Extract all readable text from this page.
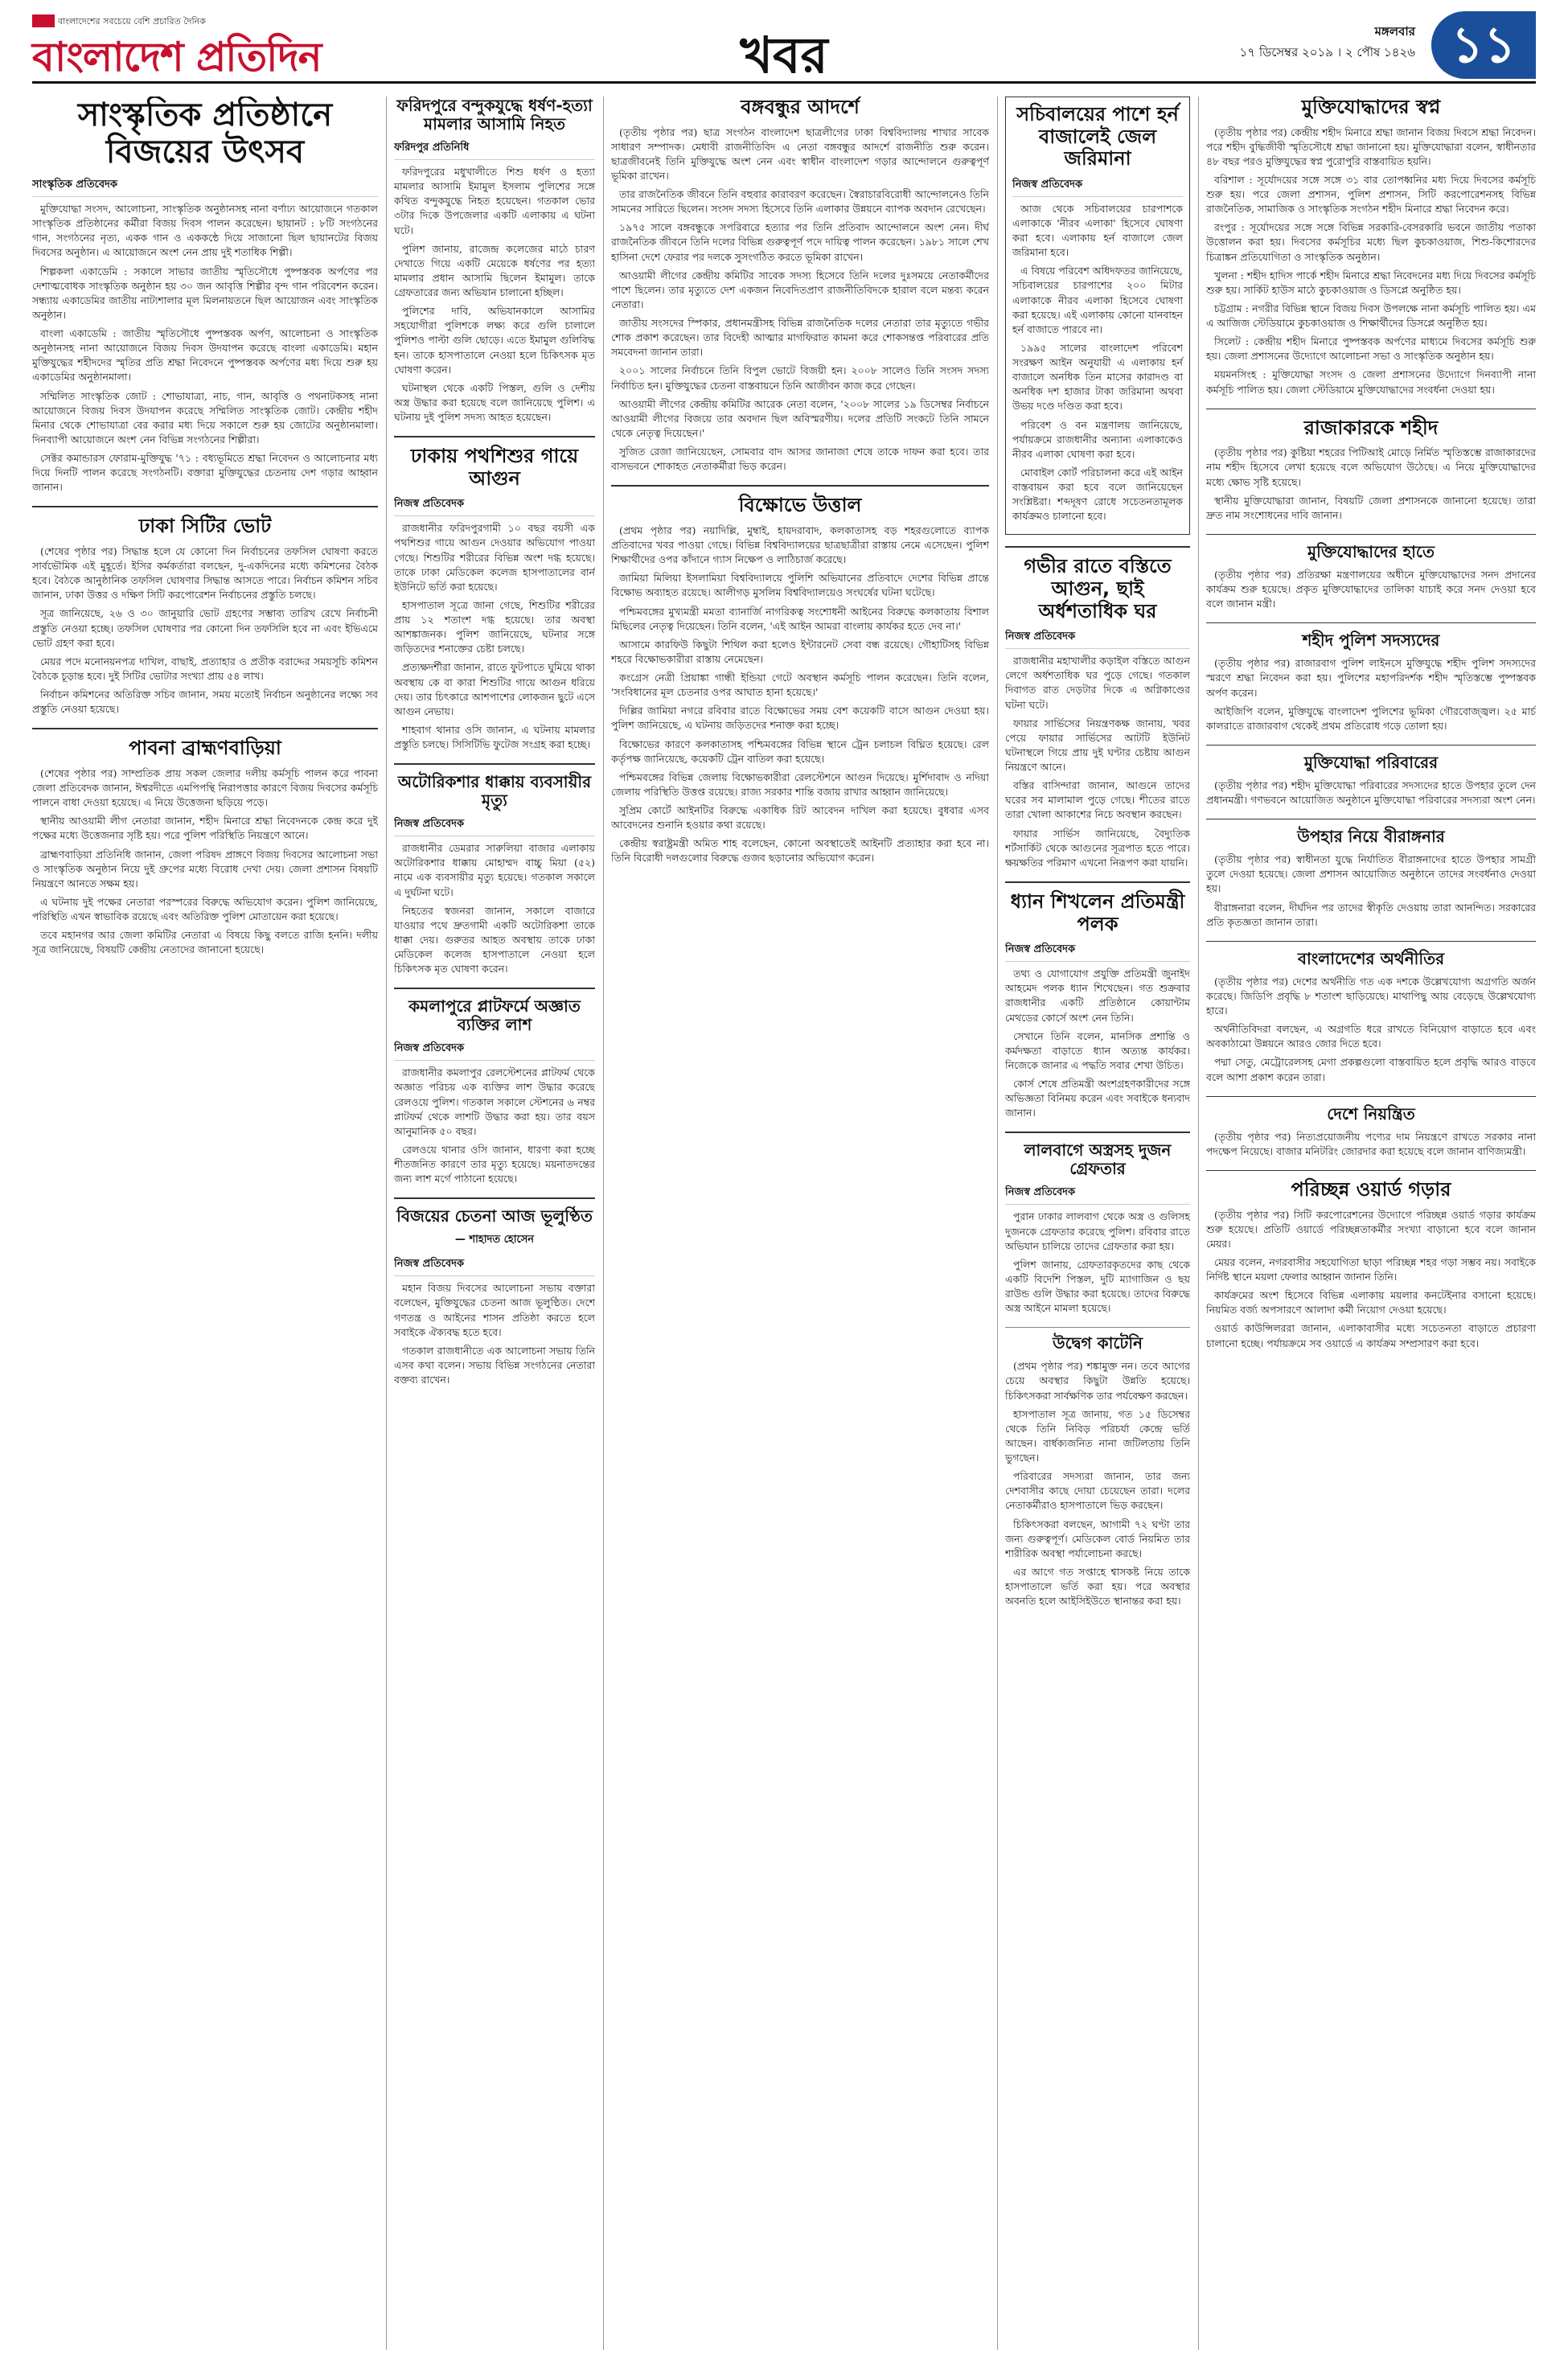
বাংলাদেশের সবচেয়ে বেশি প্রচারিত দৈনিক
বাংলাদেশ প্রতিদিন	খবর	মঙ্গলবার
১৭ ডিসেম্বর ২০১৯ । ২ পৌষ ১৪২৬ ১১
সাংস্কৃতিক প্রতিষ্ঠানে বিজয়ের উৎসব
সাংস্কৃতিক প্রতিবেদক

মুক্তিযোদ্ধা সংসদ, আলোচনা, সাংস্কৃতিক অনুষ্ঠানসহ নানা বর্ণাঢ্য আয়োজনে গতকাল সাংস্কৃতিক প্রতিষ্ঠানের কর্মীরা বিজয় দিবস পালন করেছেন। ছায়ানট : ৮টি সংগঠনের গান, সংগঠনের নৃত্য, একক গান ও এককন্ঠে দিয়ে সাজানো ছিল ছায়ানটের বিজয় দিবসের অনুষ্ঠান। এ আয়োজনে অংশ নেন প্রায় দুই শতাধিক শিল্পী।

শিল্পকলা একাডেমি : সকালে সাভার জাতীয় স্মৃতিসৌধে পুষ্পস্তবক অর্পণের পর দেশাত্মবোধক সাংস্কৃতিক অনুষ্ঠান হয় ৩০ জন আবৃত্তি শিল্পীর বৃন্দ গান পরিবেশন করেন। সন্ধ্যায় একাডেমির জাতীয় নাট্যশালার মূল মিলনায়তনে ছিল আয়োজন এবং সাংস্কৃতিক অনুষ্ঠান।

বাংলা একাডেমি : জাতীয় স্মৃতিসৌধে পুষ্পস্তবক অর্পণ, আলোচনা ও সাংস্কৃতিক অনুষ্ঠানসহ নানা আয়োজনে বিজয় দিবস উদযাপন করেছে বাংলা একাডেমি। মহান মুক্তিযুদ্ধের শহীদদের স্মৃতির প্রতি শ্রদ্ধা নিবেদনে পুষ্পস্তবক অর্পণের মধ্য দিয়ে শুরু হয় একাডেমির অনুষ্ঠানমালা।

সম্মিলিত সাংস্কৃতিক জোট : শোভাযাত্রা, নাচ, গান, আবৃত্তি ও পথনাটকসহ নানা আয়োজনে বিজয় দিবস উদযাপন করেছে সম্মিলিত সাংস্কৃতিক জোট। কেন্দ্রীয় শহীদ মিনার থেকে শোভাযাত্রা বের করার মধ্য দিয়ে সকালে শুরু হয় জোটের অনুষ্ঠানমালা। দিনব্যাপী আয়োজনে অংশ নেন বিভিন্ন সংগঠনের শিল্পীরা।

সেক্টর কমান্ডারস ফোরাম-মুক্তিযুদ্ধ '৭১ : বধ্যভূমিতে শ্রদ্ধা নিবেদন ও আলোচনার মধ্য দিয়ে দিনটি পালন করেছে সংগঠনটি। বক্তারা মুক্তিযুদ্ধের চেতনায় দেশ গড়ার আহ্বান জানান।

ঢাকা সিটির ভোট

(শেষের পৃষ্ঠার পর) সিদ্ধান্ত হলে যে কোনো দিন নির্বাচনের তফসিল ঘোষণা করতে সার্বভৌমিক এই মুহূর্তে। ইসির কর্মকর্তারা বলছেন, দু-একদিনের মধ্যে কমিশনের বৈঠক হবে। বৈঠকে আনুষ্ঠানিক তফসিল ঘোষণার সিদ্ধান্ত আসতে পারে। নির্বাচন কমিশন সচিব জানান, ঢাকা উত্তর ও দক্ষিণ সিটি করপোরেশন নির্বাচনের প্রস্তুতি চলছে।

সূত্র জানিয়েছে, ২৬ ও ৩০ জানুয়ারি ভোট গ্রহণের সম্ভাব্য তারিখ রেখে নির্বাচনী প্রস্তুতি নেওয়া হচ্ছে। তফসিল ঘোষণার পর কোনো দিন তফসিলি হবে না এবং ইভিএমে ভোট গ্রহণ করা হবে।

মেয়র পদে মনোনয়নপত্র দাখিল, বাছাই, প্রত্যাহার ও প্রতীক বরাদ্দের সময়সূচি কমিশন বৈঠকে চূড়ান্ত হবে। দুই সিটির ভোটার সংখ্যা প্রায় ৫৪ লাখ।

নির্বাচন কমিশনের অতিরিক্ত সচিব জানান, সময় মতোই নির্বাচন অনুষ্ঠানের লক্ষ্যে সব প্রস্তুতি নেওয়া হয়েছে।

পাবনা ব্রাহ্মণবাড়িয়া

(শেষের পৃষ্ঠার পর) সাম্প্রতিক প্রায় সকল জেলার দলীয় কর্মসূচি পালন করে পাবনা জেলা প্রতিবেদক জানান, ঈশ্বরদীতে এমপিপন্থি নিরাপত্তার কারণে বিজয় দিবসের কর্মসূচি পালনে বাধা দেওয়া হয়েছে। এ নিয়ে উত্তেজনা ছড়িয়ে পড়ে।

স্থানীয় আওয়ামী লীগ নেতারা জানান, শহীদ মিনারে শ্রদ্ধা নিবেদনকে কেন্দ্র করে দুই পক্ষের মধ্যে উত্তেজনার সৃষ্টি হয়। পরে পুলিশ পরিস্থিতি নিয়ন্ত্রণে আনে।

ব্রাহ্মণবাড়িয়া প্রতিনিধি জানান, জেলা পরিষদ প্রাঙ্গণে বিজয় দিবসের আলোচনা সভা ও সাংস্কৃতিক অনুষ্ঠান নিয়ে দুই গ্রুপের মধ্যে বিরোধ দেখা দেয়। জেলা প্রশাসন বিষয়টি নিয়ন্ত্রণে আনতে সক্ষম হয়।

এ ঘটনায় দুই পক্ষের নেতারা পরস্পরের বিরুদ্ধে অভিযোগ করেন। পুলিশ জানিয়েছে, পরিস্থিতি এখন স্বাভাবিক রয়েছে এবং অতিরিক্ত পুলিশ মোতায়েন করা হয়েছে।

তবে মহানগর আর জেলা কমিটির নেতারা এ বিষয়ে কিছু বলতে রাজি হননি। দলীয় সূত্র জানিয়েছে, বিষয়টি কেন্দ্রীয় নেতাদের জানানো হয়েছে।

ফরিদপুরে বন্দুকযুদ্ধে ধর্ষণ-হত্যা মামলার আসামি নিহত
ফরিদপুর প্রতিনিধি

ফরিদপুরের মধুখালীতে শিশু ধর্ষণ ও হত্যা মামলার আসামি ইমামুল ইসলাম পুলিশের সঙ্গে কথিত বন্দুকযুদ্ধে নিহত হয়েছেন। গতকাল ভোর ৩টার দিকে উপজেলার একটি এলাকায় এ ঘটনা ঘটে।

পুলিশ জানায়, রাজেন্দ্র কলেজের মাঠে চারণ দেখাতে গিয়ে একটি মেয়েকে ধর্ষণের পর হত্যা মামলার প্রধান আসামি ছিলেন ইমামুল। তাকে গ্রেফতারের জন্য অভিযান চালানো হচ্ছিল।

পুলিশের দাবি, অভিযানকালে আসামির সহযোগীরা পুলিশকে লক্ষ্য করে গুলি চালালে পুলিশও পাল্টা গুলি ছোড়ে। এতে ইমামুল গুলিবিদ্ধ হন। তাকে হাসপাতালে নেওয়া হলে চিকিৎসক মৃত ঘোষণা করেন।

ঘটনাস্থল থেকে একটি পিস্তল, গুলি ও দেশীয় অস্ত্র উদ্ধার করা হয়েছে বলে জানিয়েছে পুলিশ। এ ঘটনায় দুই পুলিশ সদস্য আহত হয়েছেন।

ঢাকায় পথশিশুর গায়ে আগুন
নিজস্ব প্রতিবেদক

রাজধানীর ফরিদপুরগামী ১০ বছর বয়সী এক পথশিশুর গায়ে আগুন দেওয়ার অভিযোগ পাওয়া গেছে। শিশুটির শরীরের বিভিন্ন অংশ দগ্ধ হয়েছে। তাকে ঢাকা মেডিকেল কলেজ হাসপাতালের বার্ন ইউনিটে ভর্তি করা হয়েছে।

হাসপাতাল সূত্রে জানা গেছে, শিশুটির শরীরের প্রায় ১২ শতাংশ দগ্ধ হয়েছে। তার অবস্থা আশঙ্কাজনক। পুলিশ জানিয়েছে, ঘটনার সঙ্গে জড়িতদের শনাক্তের চেষ্টা চলছে।

প্রত্যক্ষদর্শীরা জানান, রাতে ফুটপাতে ঘুমিয়ে থাকা অবস্থায় কে বা কারা শিশুটির গায়ে আগুন ধরিয়ে দেয়। তার চিৎকারে আশপাশের লোকজন ছুটে এসে আগুন নেভায়।

শাহবাগ থানার ওসি জানান, এ ঘটনায় মামলার প্রস্তুতি চলছে। সিসিটিভি ফুটেজ সংগ্রহ করা হচ্ছে।

অটোরিকশার ধাক্কায় ব্যবসায়ীর মৃত্যু
নিজস্ব প্রতিবেদক

রাজধানীর ডেমরার সারুলিয়া বাজার এলাকায় অটোরিকশার ধাক্কায় মোহাম্মদ বাচ্চু মিয়া (৫২) নামে এক ব্যবসায়ীর মৃত্যু হয়েছে। গতকাল সকালে এ দুর্ঘটনা ঘটে।

নিহতের স্বজনরা জানান, সকালে বাজারে যাওয়ার পথে দ্রুতগামী একটি অটোরিকশা তাকে ধাক্কা দেয়। গুরুতর আহত অবস্থায় তাকে ঢাকা মেডিকেল কলেজ হাসপাতালে নেওয়া হলে চিকিৎসক মৃত ঘোষণা করেন।

কমলাপুরে প্লাটফর্মে অজ্ঞাত ব্যক্তির লাশ
নিজস্ব প্রতিবেদক

রাজধানীর কমলাপুর রেলস্টেশনের প্লাটফর্ম থেকে অজ্ঞাত পরিচয় এক ব্যক্তির লাশ উদ্ধার করেছে রেলওয়ে পুলিশ। গতকাল সকালে স্টেশনের ৬ নম্বর প্লাটফর্ম থেকে লাশটি উদ্ধার করা হয়। তার বয়স আনুমানিক ৫০ বছর।

রেলওয়ে থানার ওসি জানান, ধারণা করা হচ্ছে শীতজনিত কারণে তার মৃত্যু হয়েছে। ময়নাতদন্তের জন্য লাশ মর্গে পাঠানো হয়েছে।

বিজয়ের চেতনা আজ ভূলুণ্ঠিত
— শাহাদত হোসেন
নিজস্ব প্রতিবেদক

মহান বিজয় দিবসের আলোচনা সভায় বক্তারা বলেছেন, মুক্তিযুদ্ধের চেতনা আজ ভূলুণ্ঠিত। দেশে গণতন্ত্র ও আইনের শাসন প্রতিষ্ঠা করতে হলে সবাইকে ঐক্যবদ্ধ হতে হবে।

গতকাল রাজধানীতে এক আলোচনা সভায় তিনি এসব কথা বলেন। সভায় বিভিন্ন সংগঠনের নেতারা বক্তব্য রাখেন।

বঙ্গবন্ধুর আদর্শে

(তৃতীয় পৃষ্ঠার পর) ছাত্র সংগঠন বাংলাদেশ ছাত্রলীগের ঢাকা বিশ্ববিদ্যালয় শাখার সাবেক সাধারণ সম্পাদক। মেধাবী রাজনীতিবিদ এ নেতা বঙ্গবন্ধুর আদর্শে রাজনীতি শুরু করেন। ছাত্রজীবনেই তিনি মুক্তিযুদ্ধে অংশ নেন এবং স্বাধীন বাংলাদেশ গড়ার আন্দোলনে গুরুত্বপূর্ণ ভূমিকা রাখেন।

তার রাজনৈতিক জীবনে তিনি বহুবার কারাবরণ করেছেন। স্বৈরাচারবিরোধী আন্দোলনেও তিনি সামনের সারিতে ছিলেন। সংসদ সদস্য হিসেবে তিনি এলাকার উন্নয়নে ব্যাপক অবদান রেখেছেন।

১৯৭৫ সালে বঙ্গবন্ধুকে সপরিবারে হত্যার পর তিনি প্রতিবাদ আন্দোলনে অংশ নেন। দীর্ঘ রাজনৈতিক জীবনে তিনি দলের বিভিন্ন গুরুত্বপূর্ণ পদে দায়িত্ব পালন করেছেন। ১৯৮১ সালে শেখ হাসিনা দেশে ফেরার পর দলকে সুসংগঠিত করতে ভূমিকা রাখেন।

আওয়ামী লীগের কেন্দ্রীয় কমিটির সাবেক সদস্য হিসেবে তিনি দলের দুঃসময়ে নেতাকর্মীদের পাশে ছিলেন। তার মৃত্যুতে দেশ একজন নিবেদিতপ্রাণ রাজনীতিবিদকে হারাল বলে মন্তব্য করেন নেতারা।

জাতীয় সংসদের স্পিকার, প্রধানমন্ত্রীসহ বিভিন্ন রাজনৈতিক দলের নেতারা তার মৃত্যুতে গভীর শোক প্রকাশ করেছেন। তার বিদেহী আত্মার মাগফিরাত কামনা করে শোকসন্তপ্ত পরিবারের প্রতি সমবেদনা জানান তারা।

২০০১ সালের নির্বাচনে তিনি বিপুল ভোটে বিজয়ী হন। ২০০৮ সালেও তিনি সংসদ সদস্য নির্বাচিত হন। মুক্তিযুদ্ধের চেতনা বাস্তবায়নে তিনি আজীবন কাজ করে গেছেন।

আওয়ামী লীগের কেন্দ্রীয় কমিটির আরেক নেতা বলেন, '২০০৮ সালের ১৯ ডিসেম্বর নির্বাচনে আওয়ামী লীগের বিজয়ে তার অবদান ছিল অবিস্মরণীয়। দলের প্রতিটি সংকটে তিনি সামনে থেকে নেতৃত্ব দিয়েছেন।'

সুজিত রেজা জানিয়েছেন, সোমবার বাদ আসর জানাজা শেষে তাকে দাফন করা হবে। তার বাসভবনে শোকাহত নেতাকর্মীরা ভিড় করেন।

বিক্ষোভে উত্তাল

(প্রথম পৃষ্ঠার পর) নয়াদিল্লি, মুম্বাই, হায়দরাবাদ, কলকাতাসহ বড় শহরগুলোতে ব্যাপক প্রতিবাদের খবর পাওয়া গেছে। বিভিন্ন বিশ্ববিদ্যালয়ের ছাত্রছাত্রীরা রাস্তায় নেমে এসেছেন। পুলিশ শিক্ষার্থীদের ওপর কাঁদানে গ্যাস নিক্ষেপ ও লাঠিচার্জ করেছে।

জামিয়া মিলিয়া ইসলামিয়া বিশ্ববিদ্যালয়ে পুলিশি অভিযানের প্রতিবাদে দেশের বিভিন্ন প্রান্তে বিক্ষোভ অব্যাহত রয়েছে। আলীগড় মুসলিম বিশ্ববিদ্যালয়েও সংঘর্ষের ঘটনা ঘটেছে।

পশ্চিমবঙ্গের মুখ্যমন্ত্রী মমতা ব্যানার্জি নাগরিকত্ব সংশোধনী আইনের বিরুদ্ধে কলকাতায় বিশাল মিছিলের নেতৃত্ব দিয়েছেন। তিনি বলেন, 'এই আইন আমরা বাংলায় কার্যকর হতে দেব না।'

আসামে কারফিউ কিছুটা শিথিল করা হলেও ইন্টারনেট সেবা বন্ধ রয়েছে। গৌহাটিসহ বিভিন্ন শহরে বিক্ষোভকারীরা রাস্তায় নেমেছেন।

কংগ্রেস নেত্রী প্রিয়াঙ্কা গান্ধী ইন্ডিয়া গেটে অবস্থান কর্মসূচি পালন করেছেন। তিনি বলেন, 'সংবিধানের মূল চেতনার ওপর আঘাত হানা হয়েছে।'

দিল্লির জামিয়া নগরে রবিবার রাতে বিক্ষোভের সময় বেশ কয়েকটি বাসে আগুন দেওয়া হয়। পুলিশ জানিয়েছে, এ ঘটনায় জড়িতদের শনাক্ত করা হচ্ছে।

বিক্ষোভের কারণে কলকাতাসহ পশ্চিমবঙ্গের বিভিন্ন স্থানে ট্রেন চলাচল বিঘ্নিত হয়েছে। রেল কর্তৃপক্ষ জানিয়েছে, কয়েকটি ট্রেন বাতিল করা হয়েছে।

পশ্চিমবঙ্গের বিভিন্ন জেলায় বিক্ষোভকারীরা রেলস্টেশনে আগুন দিয়েছে। মুর্শিদাবাদ ও নদিয়া জেলায় পরিস্থিতি উত্তপ্ত রয়েছে। রাজ্য সরকার শান্তি বজায় রাখার আহ্বান জানিয়েছে।

সুপ্রিম কোর্টে আইনটির বিরুদ্ধে একাধিক রিট আবেদন দাখিল করা হয়েছে। বুধবার এসব আবেদনের শুনানি হওয়ার কথা রয়েছে।

কেন্দ্রীয় স্বরাষ্ট্রমন্ত্রী অমিত শাহ বলেছেন, কোনো অবস্থাতেই আইনটি প্রত্যাহার করা হবে না। তিনি বিরোধী দলগুলোর বিরুদ্ধে গুজব ছড়ানোর অভিযোগ করেন।

সচিবালয়ের পাশে হর্ন বাজালেই জেল জরিমানা
নিজস্ব প্রতিবেদক

আজ থেকে সচিবালয়ের চারপাশকে এলাকাকে 'নীরব এলাকা' হিসেবে ঘোষণা করা হবে। এলাকায় হর্ন বাজালে জেল জরিমানা হবে।

এ বিষয়ে পরিবেশ অধিদফতর জানিয়েছে, সচিবালয়ের চারপাশের ২০০ মিটার এলাকাকে নীরব এলাকা হিসেবে ঘোষণা করা হয়েছে। এই এলাকায় কোনো যানবাহন হর্ন বাজাতে পারবে না।

১৯৯৫ সালের বাংলাদেশ পরিবেশ সংরক্ষণ আইন অনুযায়ী এ এলাকায় হর্ন বাজালে অনধিক তিন মাসের কারাদণ্ড বা অনধিক দশ হাজার টাকা জরিমানা অথবা উভয় দণ্ডে দণ্ডিত করা হবে।

পরিবেশ ও বন মন্ত্রণালয় জানিয়েছে, পর্যায়ক্রমে রাজধানীর অন্যান্য এলাকাকেও নীরব এলাকা ঘোষণা করা হবে।

মোবাইল কোর্ট পরিচালনা করে এই আইন বাস্তবায়ন করা হবে বলে জানিয়েছেন সংশ্লিষ্টরা। শব্দদূষণ রোধে সচেতনতামূলক কার্যক্রমও চালানো হবে।

গভীর রাতে বস্তিতে আগুন, ছাই অর্ধশতাধিক ঘর
নিজস্ব প্রতিবেদক

রাজধানীর মহাখালীর কড়াইল বস্তিতে আগুন লেগে অর্ধশতাধিক ঘর পুড়ে গেছে। গতকাল দিবাগত রাত দেড়টার দিকে এ অগ্নিকাণ্ডের ঘটনা ঘটে।

ফায়ার সার্ভিসের নিয়ন্ত্রণকক্ষ জানায়, খবর পেয়ে ফায়ার সার্ভিসের আটটি ইউনিট ঘটনাস্থলে গিয়ে প্রায় দুই ঘণ্টার চেষ্টায় আগুন নিয়ন্ত্রণে আনে।

বস্তির বাসিন্দারা জানান, আগুনে তাদের ঘরের সব মালামাল পুড়ে গেছে। শীতের রাতে তারা খোলা আকাশের নিচে অবস্থান করছেন।

ফায়ার সার্ভিস জানিয়েছে, বৈদ্যুতিক শর্টসার্কিট থেকে আগুনের সূত্রপাত হতে পারে। ক্ষয়ক্ষতির পরিমাণ এখনো নিরূপণ করা যায়নি।

ধ্যান শিখলেন প্রতিমন্ত্রী পলক
নিজস্ব প্রতিবেদক

তথ্য ও যোগাযোগ প্রযুক্তি প্রতিমন্ত্রী জুনাইদ আহমেদ পলক ধ্যান শিখেছেন। গত শুক্রবার রাজধানীর একটি প্রতিষ্ঠানে কোয়ান্টাম মেথডের কোর্সে অংশ নেন তিনি।

সেখানে তিনি বলেন, মানসিক প্রশান্তি ও কর্মদক্ষতা বাড়াতে ধ্যান অত্যন্ত কার্যকর। নিজেকে জানার এ পদ্ধতি সবার শেখা উচিত।

কোর্স শেষে প্রতিমন্ত্রী অংশগ্রহণকারীদের সঙ্গে অভিজ্ঞতা বিনিময় করেন এবং সবাইকে ধন্যবাদ জানান।

লালবাগে অস্ত্রসহ দুজন গ্রেফতার
নিজস্ব প্রতিবেদক

পুরান ঢাকার লালবাগ থেকে অস্ত্র ও গুলিসহ দুজনকে গ্রেফতার করেছে পুলিশ। রবিবার রাতে অভিযান চালিয়ে তাদের গ্রেফতার করা হয়।

পুলিশ জানায়, গ্রেফতারকৃতদের কাছ থেকে একটি বিদেশি পিস্তল, দুটি ম্যাগাজিন ও ছয় রাউন্ড গুলি উদ্ধার করা হয়েছে। তাদের বিরুদ্ধে অস্ত্র আইনে মামলা হয়েছে।

উদ্বেগ কাটেনি

(প্রথম পৃষ্ঠার পর) শঙ্কামুক্ত নন। তবে আগের চেয়ে অবস্থার কিছুটা উন্নতি হয়েছে। চিকিৎসকরা সার্বক্ষণিক তার পর্যবেক্ষণ করছেন।

হাসপাতাল সূত্র জানায়, গত ১৫ ডিসেম্বর থেকে তিনি নিবিড় পরিচর্যা কেন্দ্রে ভর্তি আছেন। বার্ধক্যজনিত নানা জটিলতায় তিনি ভুগছেন।

পরিবারের সদস্যরা জানান, তার জন্য দেশবাসীর কাছে দোয়া চেয়েছেন তারা। দলের নেতাকর্মীরাও হাসপাতালে ভিড় করছেন।

চিকিৎসকরা বলছেন, আগামী ৭২ ঘণ্টা তার জন্য গুরুত্বপূর্ণ। মেডিকেল বোর্ড নিয়মিত তার শারীরিক অবস্থা পর্যালোচনা করছে।

এর আগে গত সপ্তাহে শ্বাসকষ্ট নিয়ে তাকে হাসপাতালে ভর্তি করা হয়। পরে অবস্থার অবনতি হলে আইসিইউতে স্থানান্তর করা হয়।

মুক্তিযোদ্ধাদের স্বপ্ন

(তৃতীয় পৃষ্ঠার পর) কেন্দ্রীয় শহীদ মিনারে শ্রদ্ধা জানান বিজয় দিবসে শ্রদ্ধা নিবেদন। পরে শহীদ বুদ্ধিজীবী স্মৃতিসৌধে শ্রদ্ধা জানানো হয়। মুক্তিযোদ্ধারা বলেন, স্বাধীনতার ৪৮ বছর পরও মুক্তিযুদ্ধের স্বপ্ন পুরোপুরি বাস্তবায়িত হয়নি।

বরিশাল : সূর্যোদয়ের সঙ্গে সঙ্গে ৩১ বার তোপধ্বনির মধ্য দিয়ে দিবসের কর্মসূচি শুরু হয়। পরে জেলা প্রশাসন, পুলিশ প্রশাসন, সিটি করপোরেশনসহ বিভিন্ন রাজনৈতিক, সামাজিক ও সাংস্কৃতিক সংগঠন শহীদ মিনারে শ্রদ্ধা নিবেদন করে।

রংপুর : সূর্যোদয়ের সঙ্গে সঙ্গে বিভিন্ন সরকারি-বেসরকারি ভবনে জাতীয় পতাকা উত্তোলন করা হয়। দিবসের কর্মসূচির মধ্যে ছিল কুচকাওয়াজ, শিশু-কিশোরদের চিত্রাঙ্কন প্রতিযোগিতা ও সাংস্কৃতিক অনুষ্ঠান।

খুলনা : শহীদ হাদিস পার্কে শহীদ মিনারে শ্রদ্ধা নিবেদনের মধ্য দিয়ে দিবসের কর্মসূচি শুরু হয়। সার্কিট হাউস মাঠে কুচকাওয়াজ ও ডিসপ্লে অনুষ্ঠিত হয়।

চট্টগ্রাম : নগরীর বিভিন্ন স্থানে বিজয় দিবস উপলক্ষে নানা কর্মসূচি পালিত হয়। এম এ আজিজ স্টেডিয়ামে কুচকাওয়াজ ও শিক্ষার্থীদের ডিসপ্লে অনুষ্ঠিত হয়।

সিলেট : কেন্দ্রীয় শহীদ মিনারে পুষ্পস্তবক অর্পণের মাধ্যমে দিবসের কর্মসূচি শুরু হয়। জেলা প্রশাসনের উদ্যোগে আলোচনা সভা ও সাংস্কৃতিক অনুষ্ঠান হয়।

ময়মনসিংহ : মুক্তিযোদ্ধা সংসদ ও জেলা প্রশাসনের উদ্যোগে দিনব্যাপী নানা কর্মসূচি পালিত হয়। জেলা স্টেডিয়ামে মুক্তিযোদ্ধাদের সংবর্ধনা দেওয়া হয়।

রাজাকারকে শহীদ

(তৃতীয় পৃষ্ঠার পর) কুষ্টিয়া শহরের পিটিআই মোড়ে নির্মিত স্মৃতিস্তম্ভে রাজাকারদের নাম শহীদ হিসেবে লেখা হয়েছে বলে অভিযোগ উঠেছে। এ নিয়ে মুক্তিযোদ্ধাদের মধ্যে ক্ষোভ সৃষ্টি হয়েছে।

স্থানীয় মুক্তিযোদ্ধারা জানান, বিষয়টি জেলা প্রশাসনকে জানানো হয়েছে। তারা দ্রুত নাম সংশোধনের দাবি জানান।

মুক্তিযোদ্ধাদের হাতে

(তৃতীয় পৃষ্ঠার পর) প্রতিরক্ষা মন্ত্রণালয়ের অধীনে মুক্তিযোদ্ধাদের সনদ প্রদানের কার্যক্রম শুরু হয়েছে। প্রকৃত মুক্তিযোদ্ধাদের তালিকা যাচাই করে সনদ দেওয়া হবে বলে জানান মন্ত্রী।

শহীদ পুলিশ সদস্যদের

(তৃতীয় পৃষ্ঠার পর) রাজারবাগ পুলিশ লাইনসে মুক্তিযুদ্ধে শহীদ পুলিশ সদস্যদের স্মরণে শ্রদ্ধা নিবেদন করা হয়। পুলিশের মহাপরিদর্শক শহীদ স্মৃতিস্তম্ভে পুষ্পস্তবক অর্পণ করেন।

আইজিপি বলেন, মুক্তিযুদ্ধে বাংলাদেশ পুলিশের ভূমিকা গৌরবোজ্জ্বল। ২৫ মার্চ কালরাতে রাজারবাগ থেকেই প্রথম প্রতিরোধ গড়ে তোলা হয়।

মুক্তিযোদ্ধা পরিবারের

(তৃতীয় পৃষ্ঠার পর) শহীদ মুক্তিযোদ্ধা পরিবারের সদস্যদের হাতে উপহার তুলে দেন প্রধানমন্ত্রী। গণভবনে আয়োজিত অনুষ্ঠানে মুক্তিযোদ্ধা পরিবারের সদস্যরা অংশ নেন।

উপহার নিয়ে বীরাঙ্গনার

(তৃতীয় পৃষ্ঠার পর) স্বাধীনতা যুদ্ধে নির্যাতিত বীরাঙ্গনাদের হাতে উপহার সামগ্রী তুলে দেওয়া হয়েছে। জেলা প্রশাসন আয়োজিত অনুষ্ঠানে তাদের সংবর্ধনাও দেওয়া হয়।

বীরাঙ্গনারা বলেন, দীর্ঘদিন পর তাদের স্বীকৃতি দেওয়ায় তারা আনন্দিত। সরকারের প্রতি কৃতজ্ঞতা জানান তারা।

বাংলাদেশের অর্থনীতির

(তৃতীয় পৃষ্ঠার পর) দেশের অর্থনীতি গত এক দশকে উল্লেখযোগ্য অগ্রগতি অর্জন করেছে। জিডিপি প্রবৃদ্ধি ৮ শতাংশ ছাড়িয়েছে। মাথাপিছু আয় বেড়েছে উল্লেখযোগ্য হারে।

অর্থনীতিবিদরা বলছেন, এ অগ্রগতি ধরে রাখতে বিনিয়োগ বাড়াতে হবে এবং অবকাঠামো উন্নয়নে আরও জোর দিতে হবে।

পদ্মা সেতু, মেট্রোরেলসহ মেগা প্রকল্পগুলো বাস্তবায়িত হলে প্রবৃদ্ধি আরও বাড়বে বলে আশা প্রকাশ করেন তারা।

দেশে নিয়ন্ত্রিত

(তৃতীয় পৃষ্ঠার পর) নিত্যপ্রয়োজনীয় পণ্যের দাম নিয়ন্ত্রণে রাখতে সরকার নানা পদক্ষেপ নিয়েছে। বাজার মনিটরিং জোরদার করা হয়েছে বলে জানান বাণিজ্যমন্ত্রী।

পরিচ্ছন্ন ওয়ার্ড গড়ার

(তৃতীয় পৃষ্ঠার পর) সিটি করপোরেশনের উদ্যোগে পরিচ্ছন্ন ওয়ার্ড গড়ার কার্যক্রম শুরু হয়েছে। প্রতিটি ওয়ার্ডে পরিচ্ছন্নতাকর্মীর সংখ্যা বাড়ানো হবে বলে জানান মেয়র।

মেয়র বলেন, নগরবাসীর সহযোগিতা ছাড়া পরিচ্ছন্ন শহর গড়া সম্ভব নয়। সবাইকে নির্দিষ্ট স্থানে ময়লা ফেলার আহ্বান জানান তিনি।

কার্যক্রমের অংশ হিসেবে বিভিন্ন এলাকায় ময়লার কনটেইনার বসানো হয়েছে। নিয়মিত বর্জ্য অপসারণে আলাদা কর্মী নিয়োগ দেওয়া হয়েছে।

ওয়ার্ড কাউন্সিলররা জানান, এলাকাবাসীর মধ্যে সচেতনতা বাড়াতে প্রচারণা চালানো হচ্ছে। পর্যায়ক্রমে সব ওয়ার্ডে এ কার্যক্রম সম্প্রসারণ করা হবে।
